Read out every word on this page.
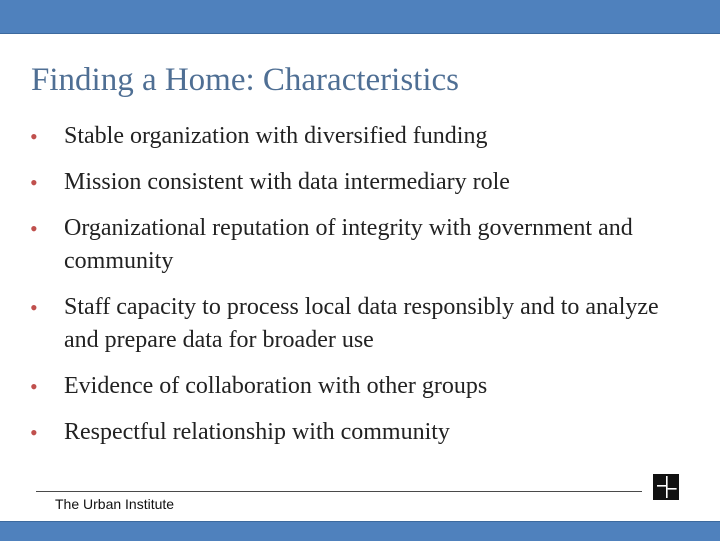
Finding a Home: Characteristics
• Stable organization with diversified funding
• Mission consistent with data intermediary role
• Organizational reputation of integrity with government and community
• Staff capacity to process local data responsibly and to analyze and prepare data for broader use
• Evidence of collaboration with other groups
• Respectful relationship with community
The Urban Institute
